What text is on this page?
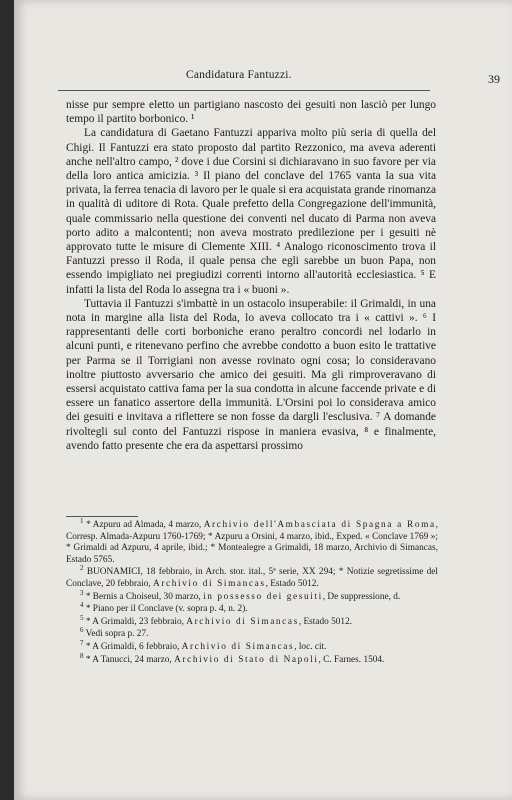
Candidatura Fantuzzi.	39

nisse pur sempre eletto un partigiano nascosto dei gesuiti non lasciò per lungo tempo il partito borbonico. ¹

La candidatura di Gaetano Fantuzzi appariva molto più seria di quella del Chigi. Il Fantuzzi era stato proposto dal partito Rezzonico, ma aveva aderenti anche nell'altro campo, ² dove i due Corsini si dichiaravano in suo favore per via della loro antica amicizia. ³ Il piano del conclave del 1765 vanta la sua vita privata, la ferrea tenacia di lavoro per le quale si era acquistata grande rinomanza in qualità di uditore di Rota. Quale prefetto della Congregazione dell'immunità, quale commissario nella questione dei conventi nel ducato di Parma non aveva porto adito a malcontenti; non aveva mostrato predilezione per i gesuiti nè approvato tutte le misure di Clemente XIII. ⁴ Analogo riconoscimento trova il Fantuzzi presso il Roda, il quale pensa che egli sarebbe un buon Papa, non essendo impigliato nei pregiudizi correnti intorno all'autorità ecclesiastica. ⁵ E infatti la lista del Roda lo assegna tra i « buoni ».

Tuttavia il Fantuzzi s'imbattè in un ostacolo insuperabile: il Grimaldi, in una nota in margine alla lista del Roda, lo aveva collocato tra i « cattivi ». ⁶ I rappresentanti delle corti borboniche erano peraltro concordi nel lodarlo in alcuni punti, e ritenevano perfino che avrebbe condotto a buon esito le trattative per Parma se il Torrigiani non avesse rovinato ogni cosa; lo consideravano inoltre piuttosto avversario che amico dei gesuiti. Ma gli rimproveravano di essersi acquistato cattiva fama per la sua condotta in alcune faccende private e di essere un fanatico assertore della immunità. L'Orsini poi lo considerava amico dei gesuiti e invitava a riflettere se non fosse da dargli l'esclusiva. ⁷ A domande rivoltegli sul conto del Fantuzzi rispose in maniera evasiva, ⁸ e finalmente, avendo fatto presente che era da aspettarsi prossimo

$^1$ * Azpuru ad Almada, 4 marzo, Archivio dell'Ambasciata di Spagna a Roma, Corresp. Almada-Azpuru 1760-1769; * Azpuru a Orsini, 4 marzo, ibid., Exped. « Conclave 1769 »; * Grimaldi ad Azpuru, 4 aprile, ibid.; * Montealegre a Grimaldi, 18 marzo, Archivio di Simancas, Estado 5765.

$^2$ BUONAMICI, 18 febbraio, in Arch. stor. ital., 5ª serie, XX 294; * Notizie segretissime del Conclave, 20 febbraio, Archivio di Simancas, Estado 5012.

$^3$ * Bernis a Choiseul, 30 marzo, in possesso dei gesuiti, De suppressione, d.

$^4$ * Piano per il Conclave (v. sopra p. 4, n. 2).

$^5$ * A Grimaldi, 23 febbraio, Archivio di Simancas, Estado 5012.

$^6$ Vedi sopra p. 27.

$^7$ * A Grimaldi, 6 febbraio, Archivio di Simancas, loc. cit.

$^8$ * A Tanucci, 24 marzo, Archivio di Stato di Napoli, C. Farnes. 1504.
